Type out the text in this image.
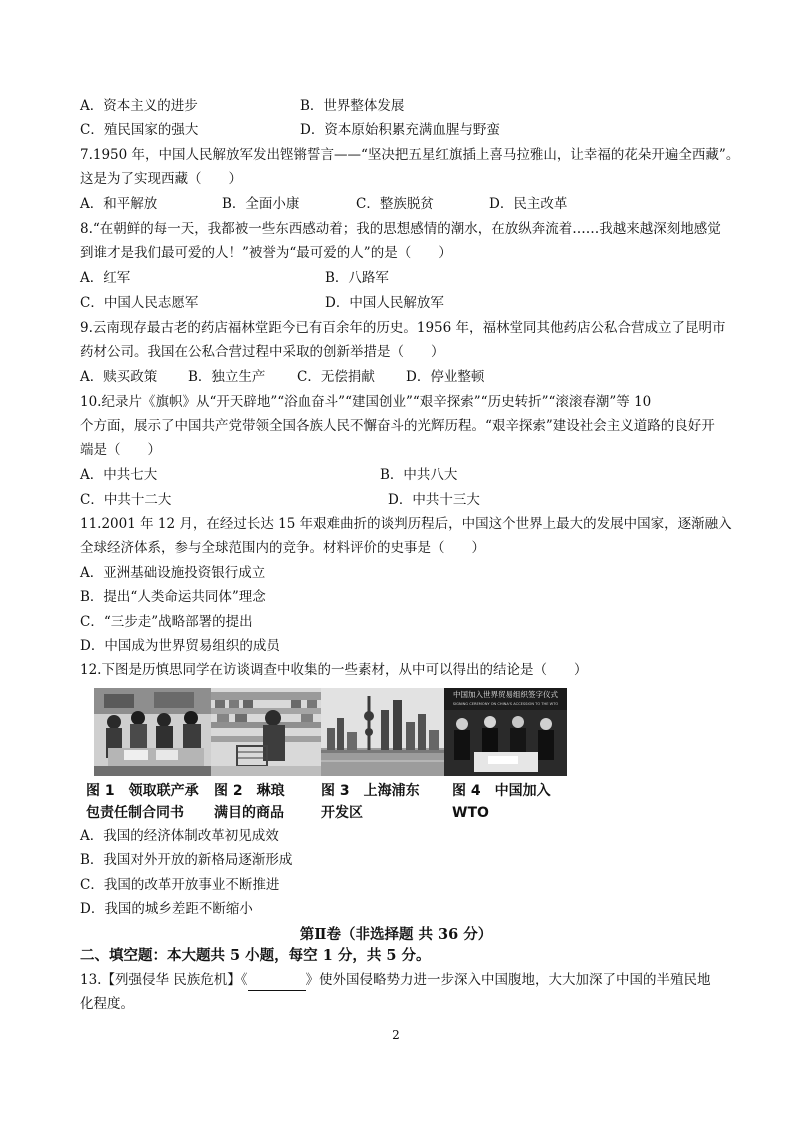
A．资本主义的进步	B．世界整体发展
C．殖民国家的强大	D．资本原始积累充满血腥与野蛮
7.1950 年，中国人民解放军发出铿锵誓言——“坚决把五星红旗插上喜马拉雅山，让幸福的花朵开遍全西藏”。
这是为了实现西藏（　　）
A．和平解放	B．全面小康	C．整族脱贫	D．民主改革
8.“在朝鲜的每一天，我都被一些东西感动着；我的思想感情的潮水，在放纵奔流着……我越来越深刻地感觉
到谁才是我们最可爱的人！”被誉为“最可爱的人”的是（　　）
A．红军	B．八路军
C．中国人民志愿军	D．中国人民解放军
9.云南现存最古老的药店福林堂距今已有百余年的历史。1956 年，福林堂同其他药店公私合营成立了昆明市
药材公司。我国在公私合营过程中采取的创新举措是（　　）
A．赎买政策 B．独立生产 C．无偿捐献 D．停业整顿
10.纪录片《旗帜》从“开天辟地”“浴血奋斗”“建国创业”“艰辛探索”“历史转折”“滚滚春潮”等 10
个方面，展示了中国共产党带领全国各族人民不懈奋斗的光辉历程。“艰辛探索”建设社会主义道路的良好开
端是（　　）
A．中共七大	B．中共八大
C．中共十二大	D．中共十三大
11.2001 年 12 月，在经过长达 15 年艰难曲折的谈判历程后，中国这个世界上最大的发展中国家，逐渐融入
全球经济体系，参与全球范围内的竞争。材料评价的史事是（　　）
A．亚洲基础设施投资银行成立
B．提出“人类命运共同体”理念
C．“三步走”战略部署的提出
D．中国成为世界贸易组织的成员
12.下图是历慎思同学在访谈调查中收集的一些素材，从中可以得出的结论是（　　）
中国加入世界贸易组织签字仪式
SIGNING CEREMONY ON CHINA'S ACCESSION TO THE WTO
图 1　领取联产承
包责任制合同书
图 2　琳琅
满目的商品
图 3　上海浦东
开发区
图 4　中国加入
WTO
A．我国的经济体制改革初见成效
B．我国对外开放的新格局逐渐形成
C．我国的改革开放事业不断推进
D．我国的城乡差距不断缩小
第Ⅱ卷（非选择题 共 36 分）
二、填空题：本大题共 5 小题，每空 1 分，共 5 分。
13.【列强侵华 民族危机】《	》使外国侵略势力进一步深入中国腹地，大大加深了中国的半殖民地
化程度。
2
